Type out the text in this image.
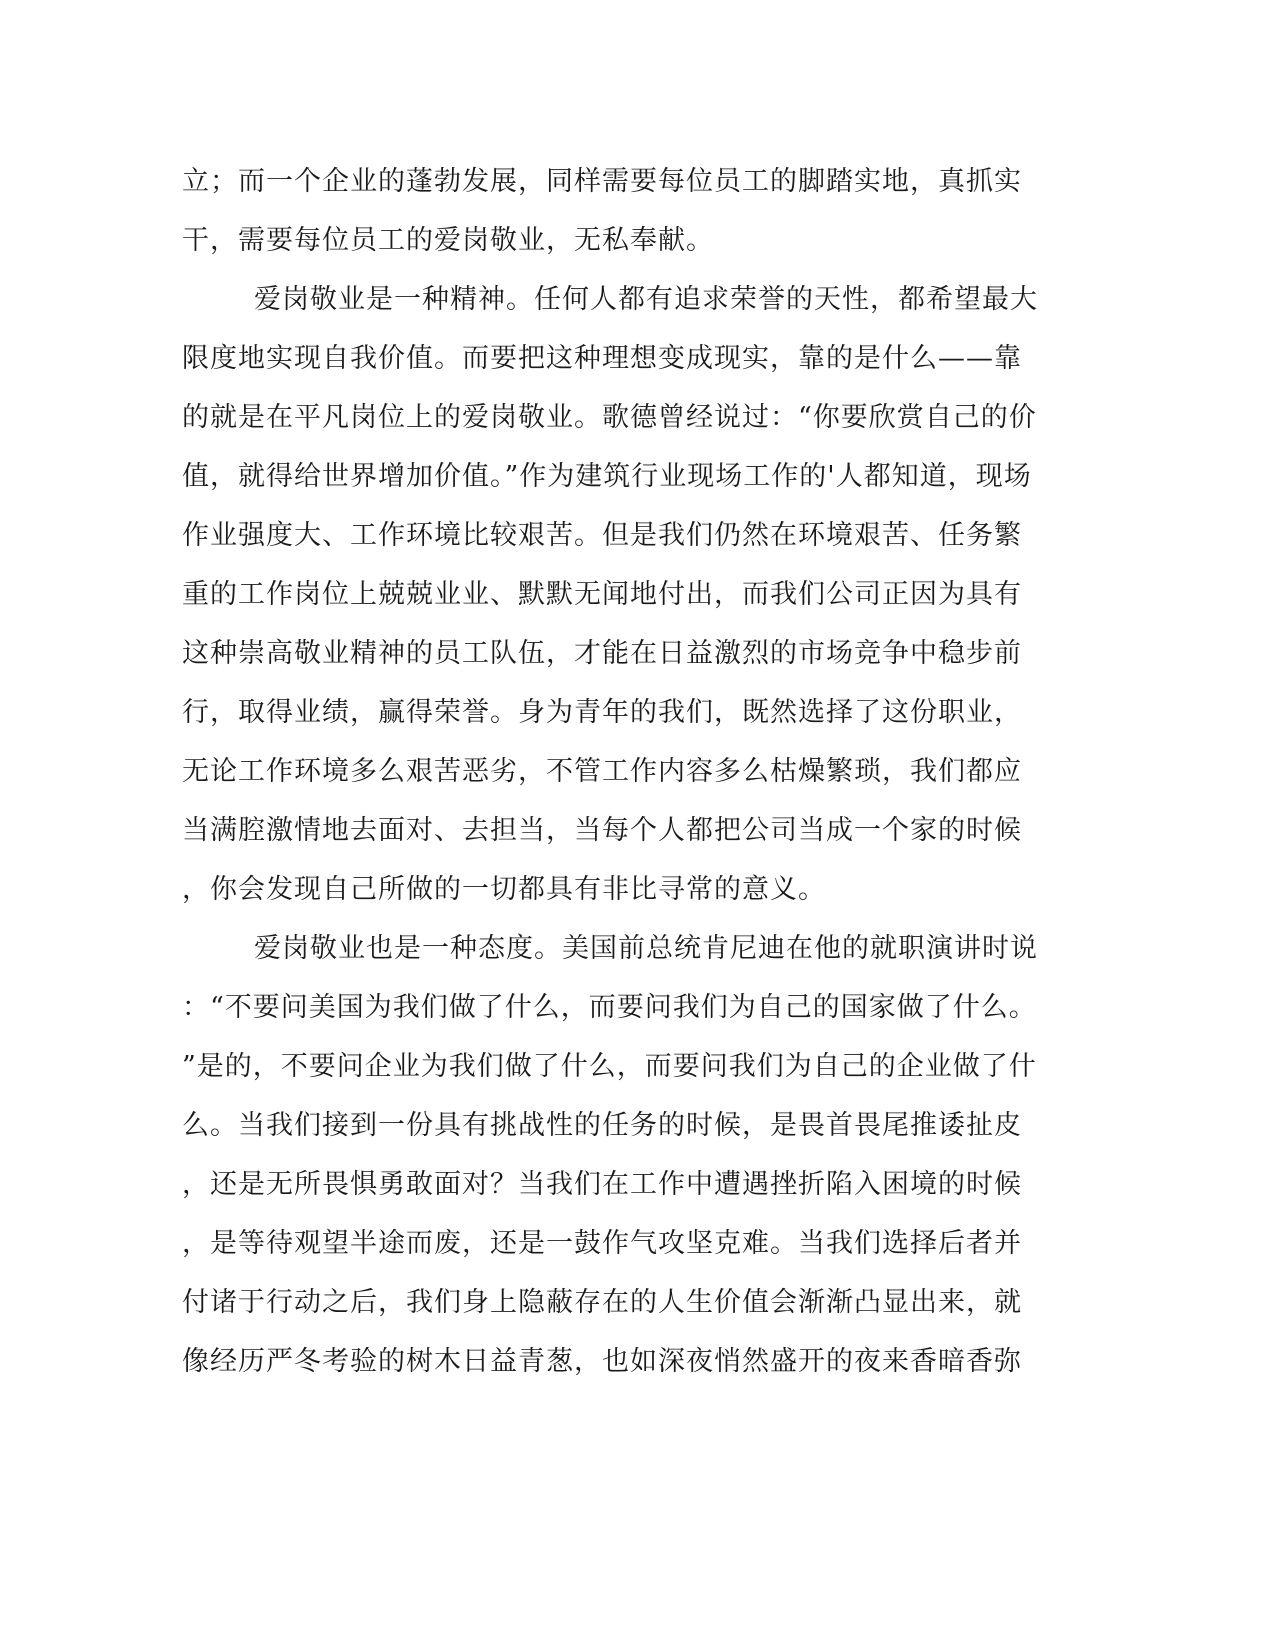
立；而一个企业的蓬勃发展，同样需要每位员工的脚踏实地，真抓实
干，需要每位员工的爱岗敬业，无私奉献。
爱岗敬业是一种精神。任何人都有追求荣誉的天性，都希望最大
限度地实现自我价值。而要把这种理想变成现实，靠的是什么——靠
的就是在平凡岗位上的爱岗敬业。歌德曾经说过：“你要欣赏自己的价
值，就得给世界增加价值。”作为建筑行业现场工作的'人都知道，现场
作业强度大、工作环境比较艰苦。但是我们仍然在环境艰苦、任务繁
重的工作岗位上兢兢业业、默默无闻地付出，而我们公司正因为具有
这种崇高敬业精神的员工队伍，才能在日益激烈的市场竞争中稳步前
行，取得业绩，赢得荣誉。身为青年的我们，既然选择了这份职业，
无论工作环境多么艰苦恶劣，不管工作内容多么枯燥繁琐，我们都应
当满腔激情地去面对、去担当，当每个人都把公司当成一个家的时候
，你会发现自己所做的一切都具有非比寻常的意义。
爱岗敬业也是一种态度。美国前总统肯尼迪在他的就职演讲时说
：“不要问美国为我们做了什么，而要问我们为自己的国家做了什么。
”是的，不要问企业为我们做了什么，而要问我们为自己的企业做了什
么。当我们接到一份具有挑战性的任务的时候，是畏首畏尾推诿扯皮
，还是无所畏惧勇敢面对？当我们在工作中遭遇挫折陷入困境的时候
，是等待观望半途而废，还是一鼓作气攻坚克难。当我们选择后者并
付诸于行动之后，我们身上隐蔽存在的人生价值会渐渐凸显出来，就
像经历严冬考验的树木日益青葱，也如深夜悄然盛开的夜来香暗香弥
